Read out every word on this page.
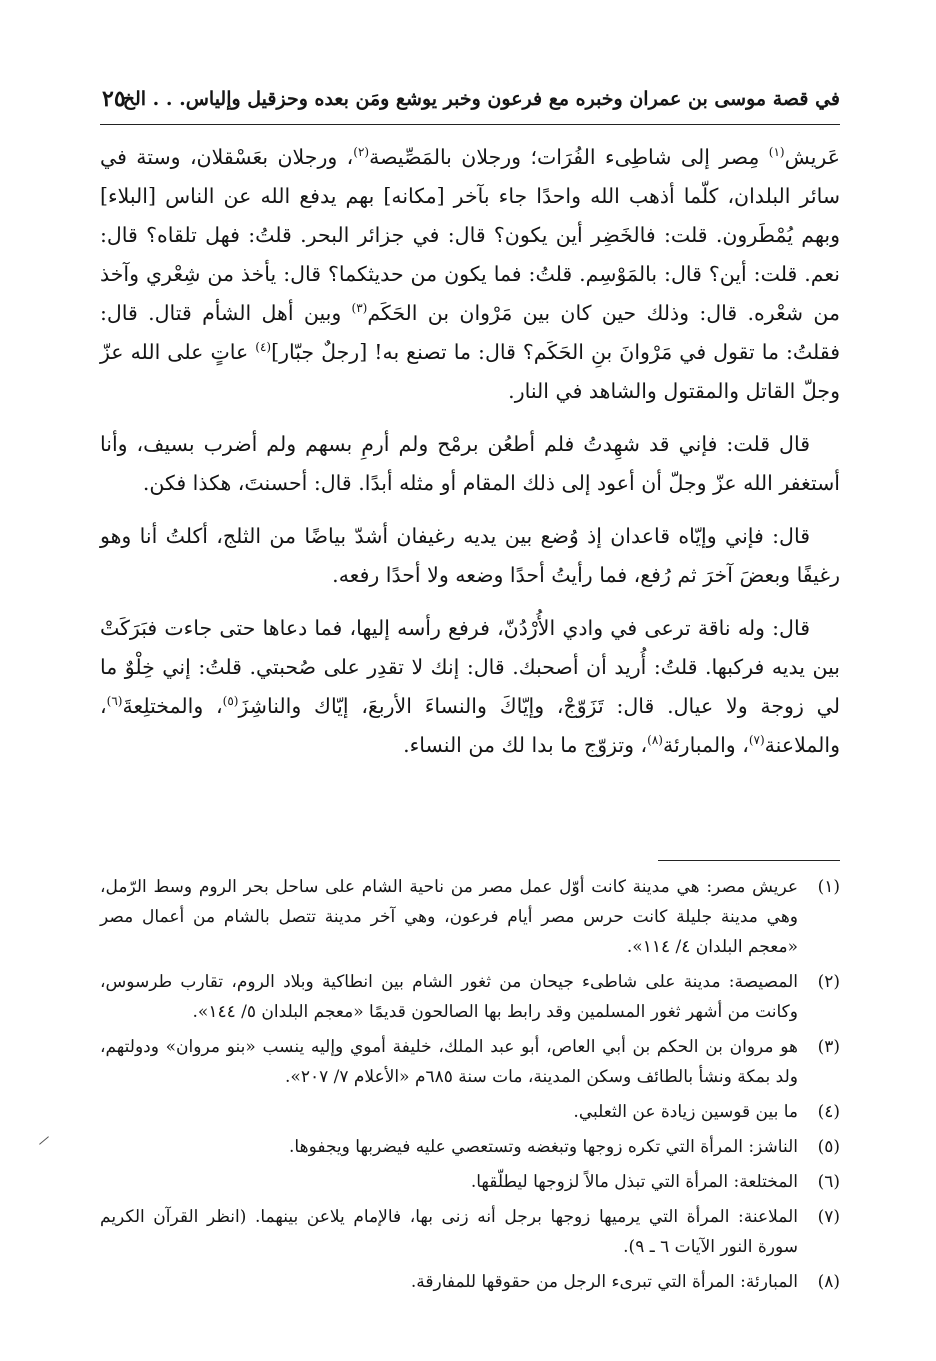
في قصة موسى بن عمران وخبره مع فرعون وخبر يوشع ومَن بعده وحزقيل وإلياس. . . الخ
٢٥

عَريش$^{(١)}$ مِصر إلى شاطِىء الفُرَات؛ ورجلان بالمَصِّيصة$^{(٢)}$، ورجلان بعَسْقلان، وستة في سائر البلدان، كلّما أذهب الله واحدًا جاء بآخر [مكانه] بهم يدفع الله عن الناس [البلاء] وبهم يُمْطَرون. قلت: فالخَضِر أين يكون؟ قال: في جزائر البحر. قلتُ: فهل تلقاه؟ قال: نعم. قلت: أين؟ قال: بالمَوْسِم. قلتُ: فما يكون من حديثكما؟ قال: يأخذ من شِعْري وآخذ من شعْره. قال: وذلك حين كان بين مَرْوان بن الحَكَم$^{(٣)}$ وبين أهل الشأم قتال. قال: فقلتُ: ما تقول في مَرْوانَ بنِ الحَكَم؟ قال: ما تصنع به! [رجلٌ جبّار]$^{(٤)}$ عاتٍ على الله عزّ وجلّ القاتل والمقتول والشاهد في النار.

قال قلت: فإني قد شهِدتُ فلم أطعُن برمْح ولم أرمِ بسهم ولم أضرب بسيف، وأنا أستغفر الله عزّ وجلّ أن أعود إلى ذلك المقام أو مثله أبدًا. قال: أحسنتَ، هكذا فكن.

قال: فإني وإيّاه قاعدان إذ وُضع بين يديه رغيفان أشدّ بياضًا من الثلج، أكلتُ أنا وهو رغيفًا وبعضَ آخرَ ثم رُفع، فما رأيتُ أحدًا وضعه ولا أحدًا رفعه.

قال: وله ناقة ترعى في وادي الأُرْدُنّ، فرفع رأسه إليها، فما دعاها حتى جاءت فبَرَكَتْ بين يديه فركبها. قلتُ: أُريد أن أصحبك. قال: إنك لا تقدِر على صُحبتي. قلتُ: إني خِلْوٌ ما لي زوجة ولا عيال. قال: تَزَوّجْ، وإيّاكَ والنساءَ الأربعَ، إيّاك والناشِزَ$^{(٥)}$، والمختلِعةَ$^{(٦)}$، والملاعنة$^{(٧)}$، والمبارئة$^{(٨)}$، وتزوّج ما بدا لك من النساء.

(١)
عريش مصر: هي مدينة كانت أوّل عمل مصر من ناحية الشام على ساحل بحر الروم وسط الرّمل، وهي مدينة جليلة كانت حرس مصر أيام فرعون، وهي آخر مدينة تتصل بالشام من أعمال مصر «معجم البلدان ٤/ ١١٤».
(٢)
المصيصة: مدينة على شاطىء جيحان من ثغور الشام بين انطاكية وبلاد الروم، تقارب طرسوس، وكانت من أشهر ثغور المسلمين وقد رابط بها الصالحون قديمًا «معجم البلدان ٥/ ١٤٤».
(٣)
هو مروان بن الحكم بن أبي العاص، أبو عبد الملك، خليفة أموي وإليه ينسب «بنو مروان» ودولتهم، ولد بمكة ونشأ بالطائف وسكن المدينة، مات سنة ٦٨٥م «الأعلام ٧/ ٢٠٧».
(٤)
ما بين قوسين زيادة عن الثعلبي.
(٥)
الناشز: المرأة التي تكره زوجها وتبغضه وتستعصي عليه فيضربها ويجفوها.
(٦)
المختلعة: المرأة التي تبذل مالاً لزوجها ليطلّقها.
(٧)
الملاعنة: المرأة التي يرميها زوجها برجل أنه زنى بها، فالإمام يلاعن بينهما. (انظر القرآن الكريم سورة النور الآيات ٦ ـ ٩).
(٨)
المبارئة: المرأة التي تبرىء الرجل من حقوقها للمفارقة.
